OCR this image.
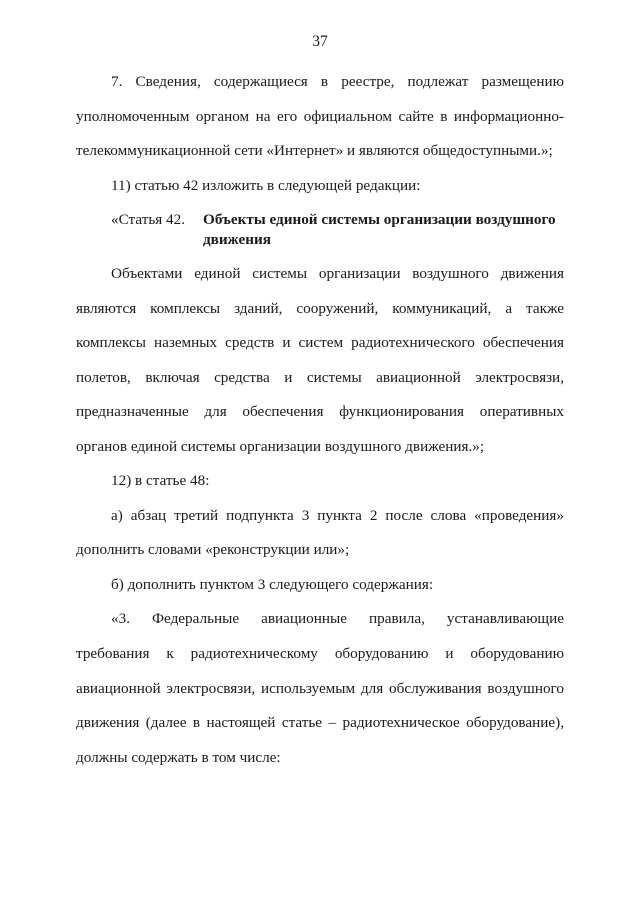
37
7. Сведения, содержащиеся в реестре, подлежат размещению
уполномоченным органом на его официальном сайте в информационно-
телекоммуникационной сети «Интернет» и являются общедоступными.»;
11) статью 42 изложить в следующей редакции:
«Статья 42. Объекты единой системы организации воздушного движения
Объектами единой системы организации воздушного движения
являются комплексы зданий, сооружений, коммуникаций, а также
комплексы наземных средств и систем радиотехнического обеспечения
полетов, включая средства и системы авиационной электросвязи,
предназначенные для обеспечения функционирования оперативных
органов единой системы организации воздушного движения.»;
12) в статье 48:
а) абзац третий подпункта 3 пункта 2 после слова «проведения»
дополнить словами «реконструкции или»;
б) дополнить пунктом 3 следующего содержания:
«3. Федеральные авиационные правила, устанавливающие
требования к радиотехническому оборудованию и оборудованию
авиационной электросвязи, используемым для обслуживания воздушного
движения (далее в настоящей статье – радиотехническое оборудование),
должны содержать в том числе:
